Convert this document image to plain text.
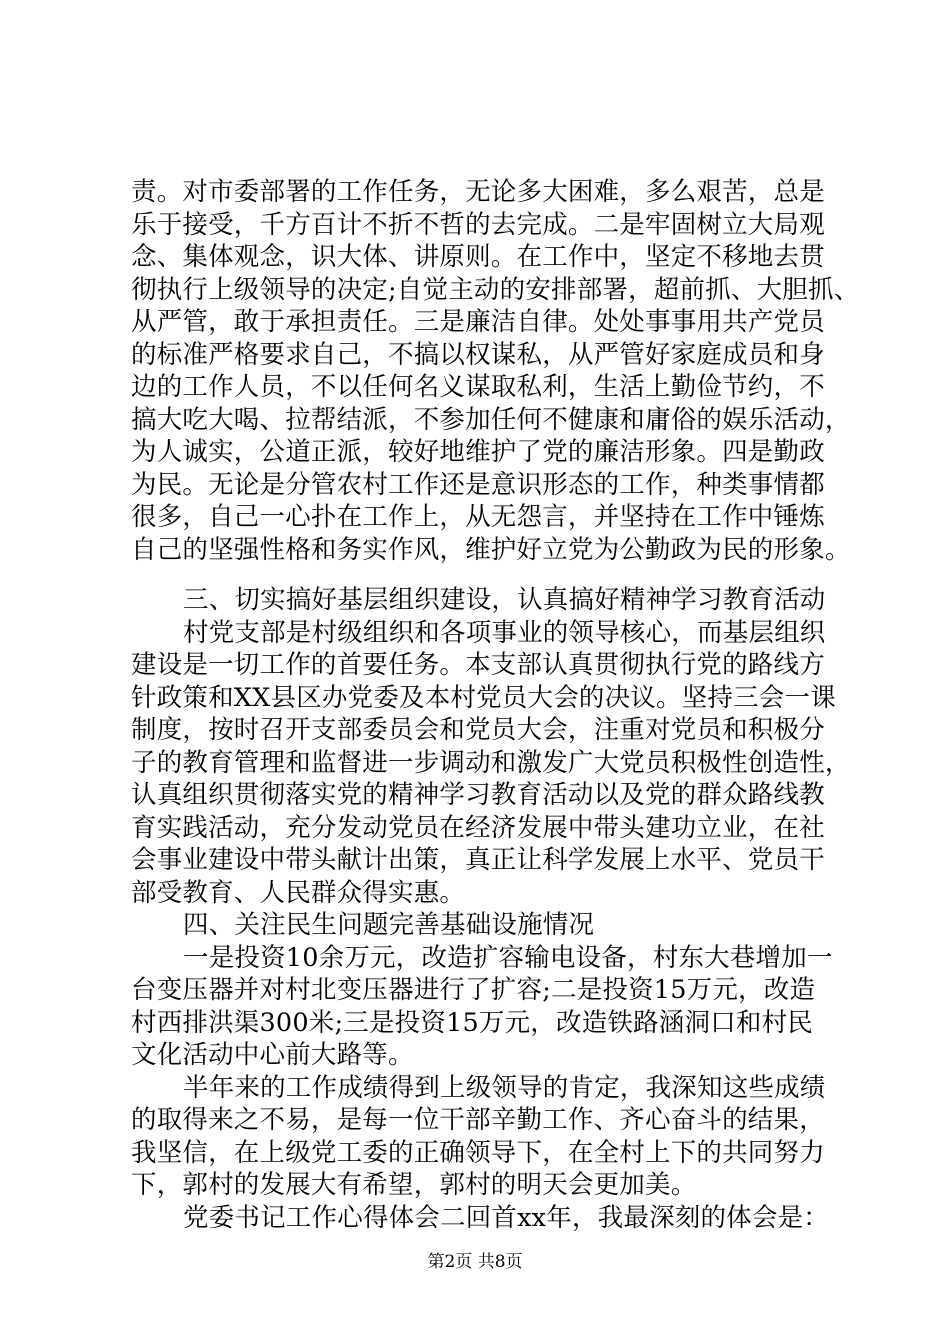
责。对市委部署的工作任务，无论多大困难，多么艰苦，总是
乐于接受，千方百计不折不哲的去完成。二是牢固树立大局观
念、集体观念，识大体、讲原则。在工作中，坚定不移地去贯
彻执行上级领导的决定;自觉主动的安排部署，超前抓、大胆抓、
从严管，敢于承担责任。三是廉洁自律。处处事事用共产党员
的标准严格要求自己，不搞以权谋私，从严管好家庭成员和身
边的工作人员，不以任何名义谋取私利，生活上勤俭节约，不
搞大吃大喝、拉帮结派，不参加任何不健康和庸俗的娱乐活动，
为人诚实，公道正派，较好地维护了党的廉洁形象。四是勤政
为民。无论是分管农村工作还是意识形态的工作，种类事情都
很多，自己一心扑在工作上，从无怨言，并坚持在工作中锤炼
自己的坚强性格和务实作风，维护好立党为公勤政为民的形象。
三、切实搞好基层组织建设，认真搞好精神学习教育活动
村党支部是村级组织和各项事业的领导核心，而基层组织
建设是一切工作的首要任务。本支部认真贯彻执行党的路线方
针政策和XX县区办党委及本村党员大会的决议。坚持三会一课
制度，按时召开支部委员会和党员大会，注重对党员和积极分
子的教育管理和监督进一步调动和激发广大党员积极性创造性，
认真组织贯彻落实党的精神学习教育活动以及党的群众路线教
育实践活动，充分发动党员在经济发展中带头建功立业，在社
会事业建设中带头献计出策，真正让科学发展上水平、党员干
部受教育、人民群众得实惠。
四、关注民生问题完善基础设施情况
一是投资10余万元，改造扩容输电设备，村东大巷增加一
台变压器并对村北变压器进行了扩容;二是投资15万元，改造
村西排洪渠300米;三是投资15万元，改造铁路涵洞口和村民
文化活动中心前大路等。
半年来的工作成绩得到上级领导的肯定，我深知这些成绩
的取得来之不易，是每一位干部辛勤工作、齐心奋斗的结果，
我坚信，在上级党工委的正确领导下，在全村上下的共同努力
下，郭村的发展大有希望，郭村的明天会更加美。
党委书记工作心得体会二回首xx年，我最深刻的体会是：
第2页 共8页
